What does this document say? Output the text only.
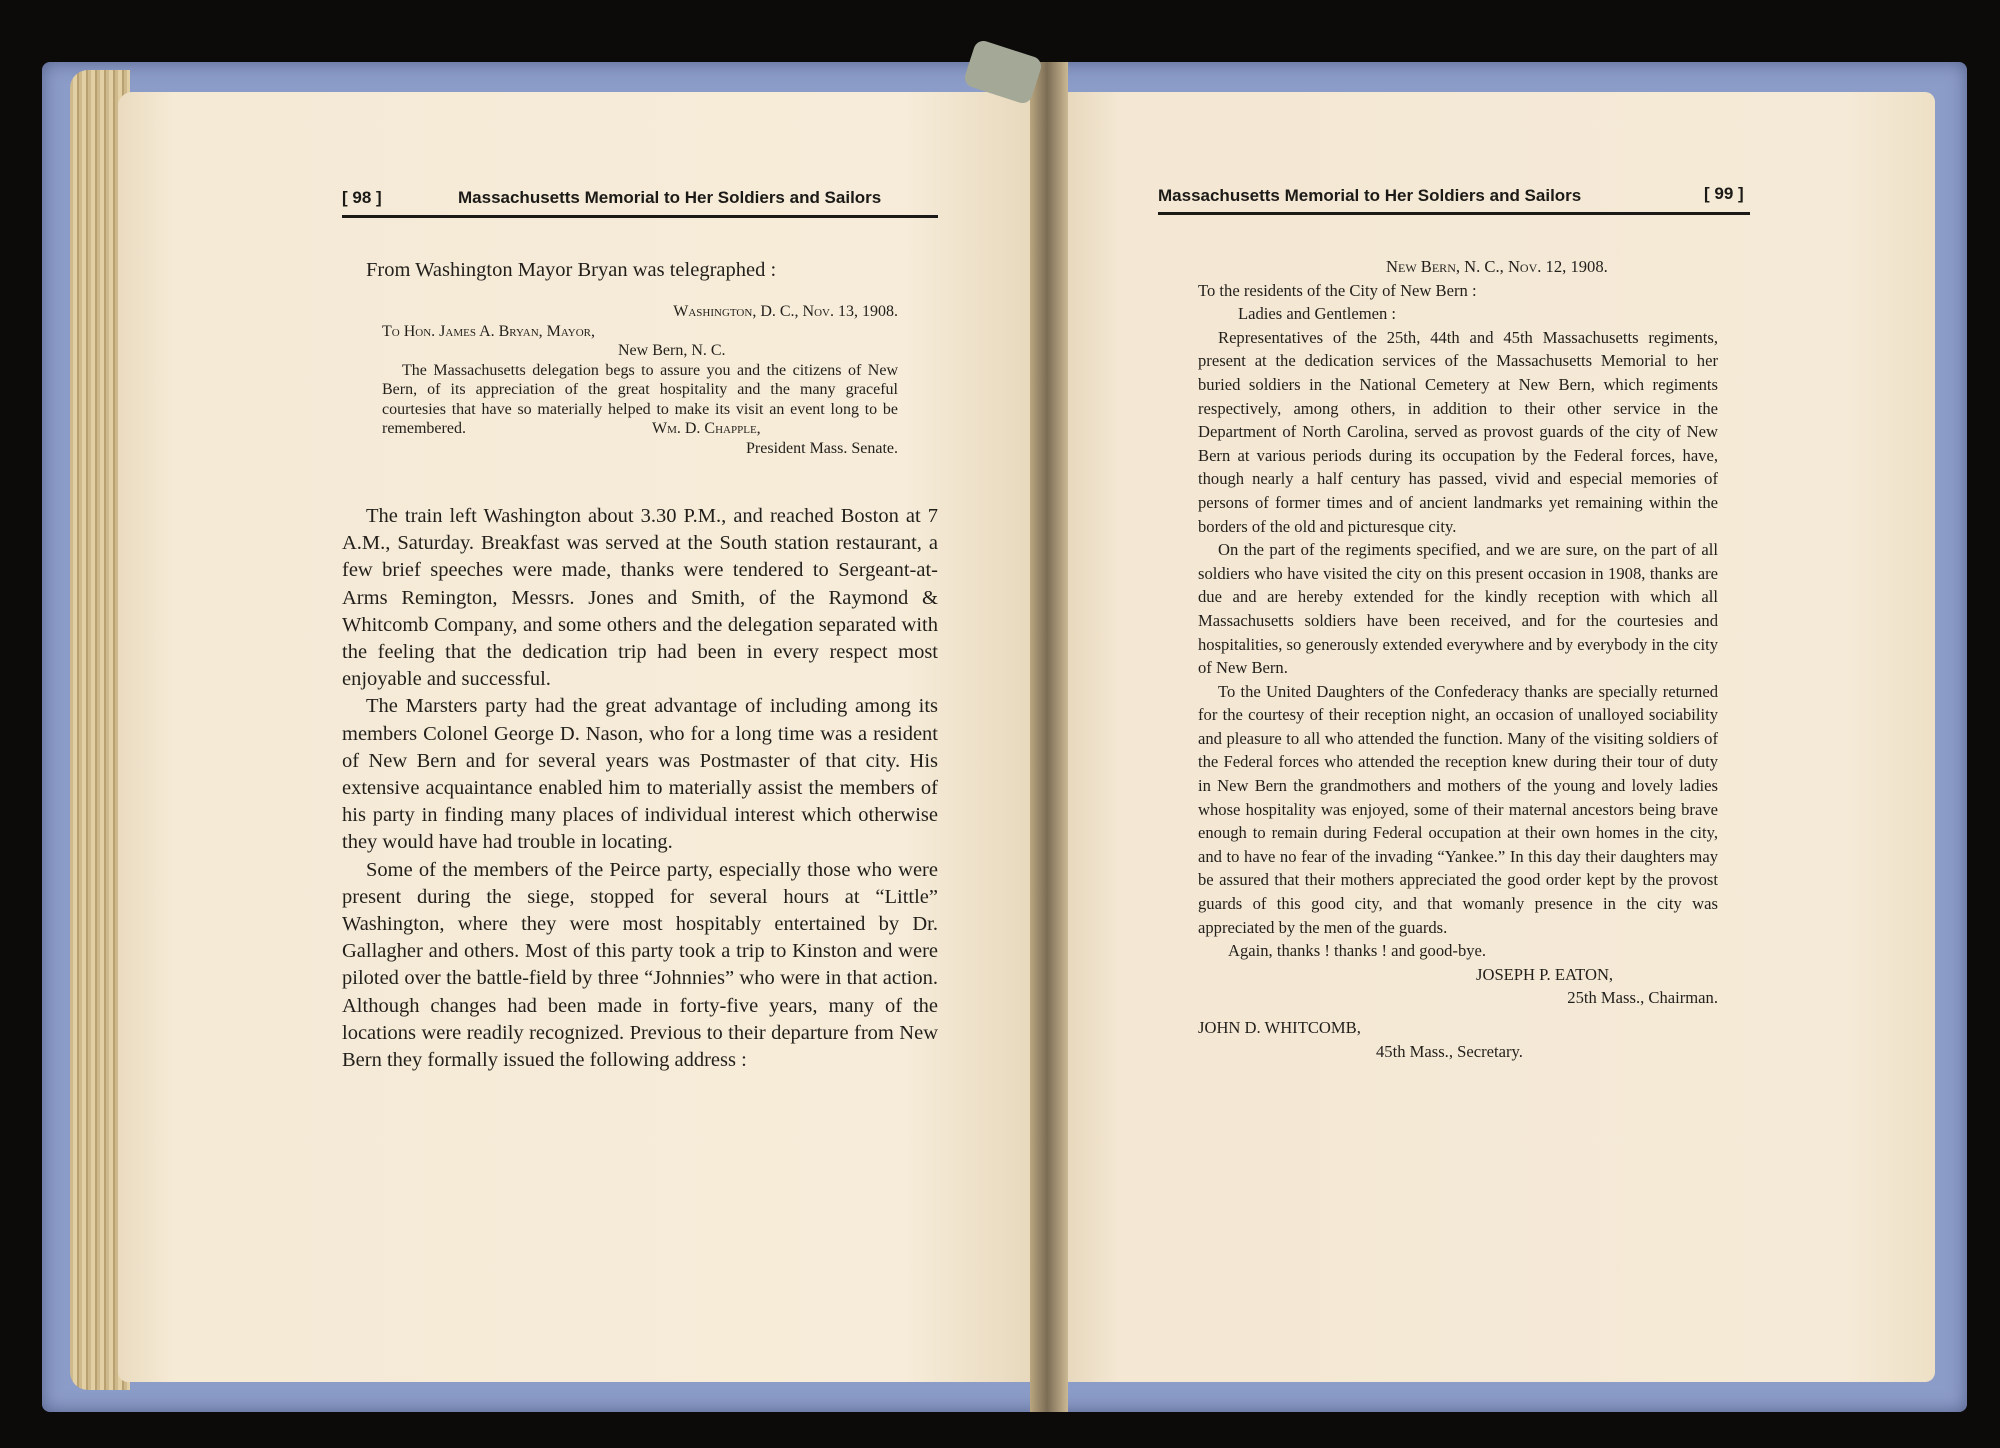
[ 98 ]	Massachusetts Memorial to Her Soldiers and Sailors

From Washington Mayor Bryan was telegraphed :

Washington, D. C., Nov. 13, 1908.
To Hon. James A. Bryan, Mayor,
New Bern, N. C.

The Massachusetts delegation begs to assure you and the citizens of New Bern, of its appreciation of the great hospitality and the many graceful courtesies that have so materially helped to make its visit an event long to be remembered.	Wm. D. Chapple,
President Mass. Senate.

The train left Washington about 3.30 P.M., and reached Boston at 7 A.M., Saturday. Breakfast was served at the South station restaurant, a few brief speeches were made, thanks were tendered to Sergeant-at-Arms Remington, Messrs. Jones and Smith, of the Raymond & Whitcomb Company, and some others and the delegation separated with the feeling that the dedication trip had been in every respect most enjoyable and successful.

The Marsters party had the great advantage of including among its members Colonel George D. Nason, who for a long time was a resident of New Bern and for several years was Postmaster of that city. His extensive acquaintance enabled him to materially assist the members of his party in finding many places of individual interest which otherwise they would have had trouble in locating.

Some of the members of the Peirce party, especially those who were present during the siege, stopped for several hours at “Little” Washington, where they were most hospitably entertained by Dr. Gallagher and others. Most of this party took a trip to Kinston and were piloted over the battle-field by three “Johnnies” who were in that action. Although changes had been made in forty-five years, many of the locations were readily recognized. Previous to their departure from New Bern they formally issued the following address :

Massachusetts Memorial to Her Soldiers and Sailors	[ 99 ]
New Bern, N. C., Nov. 12, 1908.
To the residents of the City of New Bern :
Ladies and Gentlemen :

Representatives of the 25th, 44th and 45th Massachusetts regiments, present at the dedication services of the Massachusetts Memorial to her buried soldiers in the National Cemetery at New Bern, which regiments respectively, among others, in addition to their other service in the Department of North Carolina, served as provost guards of the city of New Bern at various periods during its occupation by the Federal forces, have, though nearly a half century has passed, vivid and especial memories of persons of former times and of ancient landmarks yet remaining within the borders of the old and picturesque city.

On the part of the regiments specified, and we are sure, on the part of all soldiers who have visited the city on this present occasion in 1908, thanks are due and are hereby extended for the kindly reception with which all Massachusetts soldiers have been received, and for the courtesies and hospitalities, so generously extended everywhere and by everybody in the city of New Bern.

To the United Daughters of the Confederacy thanks are specially returned for the courtesy of their reception night, an occasion of unalloyed sociability and pleasure to all who attended the function. Many of the visiting soldiers of the Federal forces who attended the reception knew during their tour of duty in New Bern the grandmothers and mothers of the young and lovely ladies whose hospitality was enjoyed, some of their maternal ancestors being brave enough to remain during Federal occupation at their own homes in the city, and to have no fear of the invading “Yankee.” In this day their daughters may be assured that their mothers appreciated the good order kept by the provost guards of this good city, and that womanly presence in the city was appreciated by the men of the guards.

Again, thanks ! thanks ! and good-bye.

JOSEPH P. EATON,
25th Mass., Chairman.
JOHN D. WHITCOMB,
45th Mass., Secretary.
